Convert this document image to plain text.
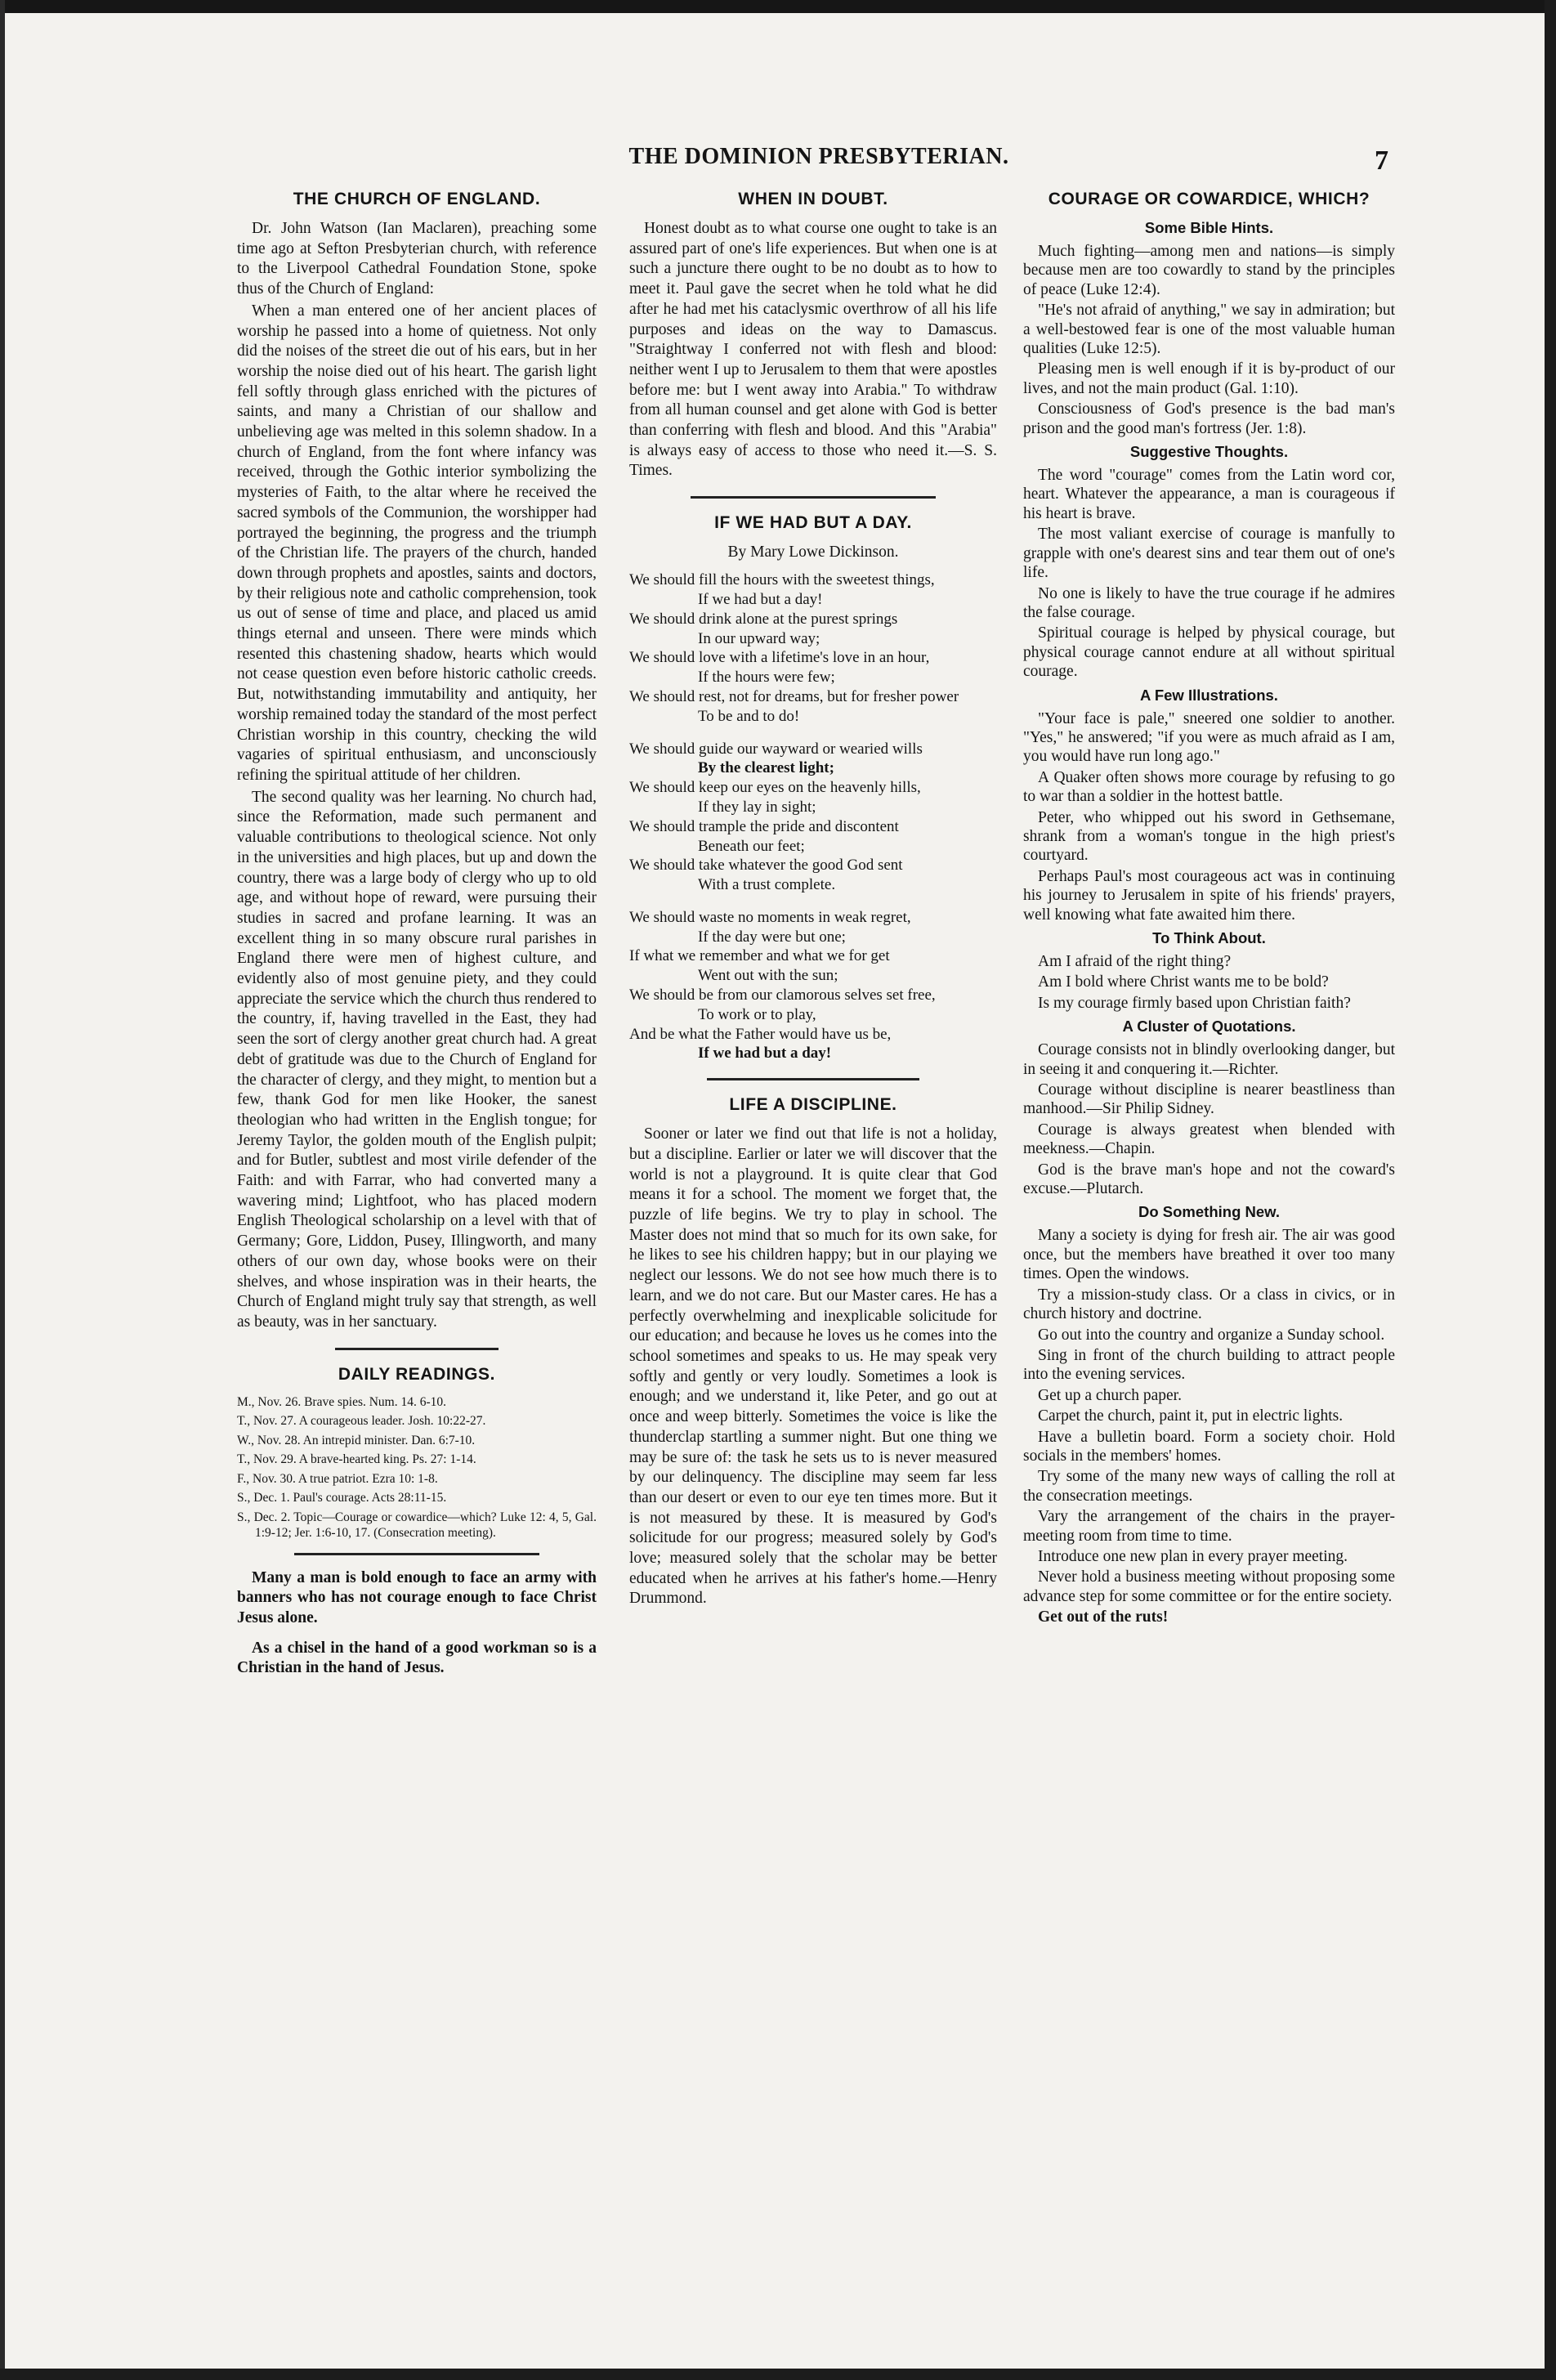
THE DOMINION PRESBYTERIAN.	7
THE CHURCH OF ENGLAND.

Dr. John Watson (Ian Maclaren), preaching some time ago at Sefton Presbyterian church, with reference to the Liverpool Cathedral Foundation Stone, spoke thus of the Church of England:

When a man entered one of her ancient places of worship he passed into a home of quietness. Not only did the noises of the street die out of his ears, but in her worship the noise died out of his heart. The garish light fell softly through glass enriched with the pictures of saints, and many a Christian of our shallow and unbelieving age was melted in this solemn shadow. In a church of England, from the font where infancy was received, through the Gothic interior symbolizing the mysteries of Faith, to the altar where he received the sacred symbols of the Communion, the worshipper had portrayed the beginning, the progress and the triumph of the Christian life. The prayers of the church, handed down through prophets and apostles, saints and doctors, by their religious note and catholic comprehension, took us out of sense of time and place, and placed us amid things eternal and unseen. There were minds which resented this chastening shadow, hearts which would not cease question even before historic catholic creeds. But, notwithstanding immutability and antiquity, her worship remained today the standard of the most perfect Christian worship in this country, checking the wild vagaries of spiritual enthusiasm, and unconsciously refining the spiritual attitude of her children.

The second quality was her learning. No church had, since the Reformation, made such permanent and valuable contributions to theological science. Not only in the universities and high places, but up and down the country, there was a large body of clergy who up to old age, and without hope of reward, were pursuing their studies in sacred and profane learning. It was an excellent thing in so many obscure rural parishes in England there were men of highest culture, and evidently also of most genuine piety, and they could appreciate the service which the church thus rendered to the country, if, having travelled in the East, they had seen the sort of clergy another great church had. A great debt of gratitude was due to the Church of England for the character of clergy, and they might, to mention but a few, thank God for men like Hooker, the sanest theologian who had written in the English tongue; for Jeremy Taylor, the golden mouth of the English pulpit; and for Butler, subtlest and most virile defender of the Faith: and with Farrar, who had converted many a wavering mind; Lightfoot, who has placed modern English Theological scholarship on a level with that of Germany; Gore, Liddon, Pusey, Illingworth, and many others of our own day, whose books were on their shelves, and whose inspiration was in their hearts, the Church of England might truly say that strength, as well as beauty, was in her sanctuary.

DAILY READINGS.

M., Nov. 26. Brave spies. Num. 14. 6-10.

T., Nov. 27. A courageous leader. Josh. 10:22-27.

W., Nov. 28. An intrepid minister. Dan. 6:7-10.

T., Nov. 29. A brave-hearted king. Ps. 27: 1-14.

F., Nov. 30. A true patriot. Ezra 10: 1-8.

S., Dec. 1. Paul's courage. Acts 28:11-15.

S., Dec. 2. Topic—Courage or cowardice—which? Luke 12: 4, 5, Gal. 1:9-12; Jer. 1:6-10, 17. (Consecration meeting).

Many a man is bold enough to face an army with banners who has not courage enough to face Christ Jesus alone.

As a chisel in the hand of a good workman so is a Christian in the hand of Jesus.

WHEN IN DOUBT.

Honest doubt as to what course one ought to take is an assured part of one's life experiences. But when one is at such a juncture there ought to be no doubt as to how to meet it. Paul gave the secret when he told what he did after he had met his cataclysmic overthrow of all his life purposes and ideas on the way to Damascus. "Straightway I conferred not with flesh and blood: neither went I up to Jerusalem to them that were apostles before me: but I went away into Arabia." To withdraw from all human counsel and get alone with God is better than conferring with flesh and blood. And this "Arabia" is always easy of access to those who need it.—S. S. Times.

IF WE HAD BUT A DAY.
By Mary Lowe Dickinson.

We should fill the hours with the sweetest things,

If we had but a day!

We should drink alone at the purest springs

In our upward way;

We should love with a lifetime's love in an hour,

If the hours were few;

We should rest, not for dreams, but for fresher power

To be and to do!

We should guide our wayward or wearied wills

By the clearest light;

We should keep our eyes on the heavenly hills,

If they lay in sight;

We should trample the pride and discontent

Beneath our feet;

We should take whatever the good God sent

With a trust complete.

We should waste no moments in weak regret,

If the day were but one;

If what we remember and what we for get

Went out with the sun;

We should be from our clamorous selves set free,

To work or to play,

And be what the Father would have us be,

If we had but a day!

LIFE A DISCIPLINE.

Sooner or later we find out that life is not a holiday, but a discipline. Earlier or later we will discover that the world is not a playground. It is quite clear that God means it for a school. The moment we forget that, the puzzle of life begins. We try to play in school. The Master does not mind that so much for its own sake, for he likes to see his children happy; but in our playing we neglect our lessons. We do not see how much there is to learn, and we do not care. But our Master cares. He has a perfectly overwhelming and inexplicable solicitude for our education; and because he loves us he comes into the school sometimes and speaks to us. He may speak very softly and gently or very loudly. Sometimes a look is enough; and we understand it, like Peter, and go out at once and weep bitterly. Sometimes the voice is like the thunderclap startling a summer night. But one thing we may be sure of: the task he sets us to is never measured by our delinquency. The discipline may seem far less than our desert or even to our eye ten times more. But it is not measured by these. It is measured by God's solicitude for our progress; measured solely by God's love; measured solely that the scholar may be better educated when he arrives at his father's home.—Henry Drummond.

COURAGE OR COWARDICE, WHICH?
Some Bible Hints.

Much fighting—among men and nations—is simply because men are too cowardly to stand by the principles of peace (Luke 12:4).

"He's not afraid of anything," we say in admiration; but a well-bestowed fear is one of the most valuable human qualities (Luke 12:5).

Pleasing men is well enough if it is by-product of our lives, and not the main product (Gal. 1:10).

Consciousness of God's presence is the bad man's prison and the good man's fortress (Jer. 1:8).

Suggestive Thoughts.

The word "courage" comes from the Latin word cor, heart. Whatever the appearance, a man is courageous if his heart is brave.

The most valiant exercise of courage is manfully to grapple with one's dearest sins and tear them out of one's life.

No one is likely to have the true courage if he admires the false courage.

Spiritual courage is helped by physical courage, but physical courage cannot endure at all without spiritual courage.

A Few Illustrations.

"Your face is pale," sneered one soldier to another. "Yes," he answered; "if you were as much afraid as I am, you would have run long ago."

A Quaker often shows more courage by refusing to go to war than a soldier in the hottest battle.

Peter, who whipped out his sword in Gethsemane, shrank from a woman's tongue in the high priest's courtyard.

Perhaps Paul's most courageous act was in continuing his journey to Jerusalem in spite of his friends' prayers, well knowing what fate awaited him there.

To Think About.

Am I afraid of the right thing?

Am I bold where Christ wants me to be bold?

Is my courage firmly based upon Christian faith?

A Cluster of Quotations.

Courage consists not in blindly overlooking danger, but in seeing it and conquering it.—Richter.

Courage without discipline is nearer beastliness than manhood.—Sir Philip Sidney.

Courage is always greatest when blended with meekness.—Chapin.

God is the brave man's hope and not the coward's excuse.—Plutarch.

Do Something New.

Many a society is dying for fresh air. The air was good once, but the members have breathed it over too many times. Open the windows.

Try a mission-study class. Or a class in civics, or in church history and doctrine.

Go out into the country and organize a Sunday school.

Sing in front of the church building to attract people into the evening services.

Get up a church paper.

Carpet the church, paint it, put in electric lights.

Have a bulletin board. Form a society choir. Hold socials in the members' homes.

Try some of the many new ways of calling the roll at the consecration meetings.

Vary the arrangement of the chairs in the prayer-meeting room from time to time.

Introduce one new plan in every prayer meeting.

Never hold a business meeting without proposing some advance step for some committee or for the entire society.

Get out of the ruts!
